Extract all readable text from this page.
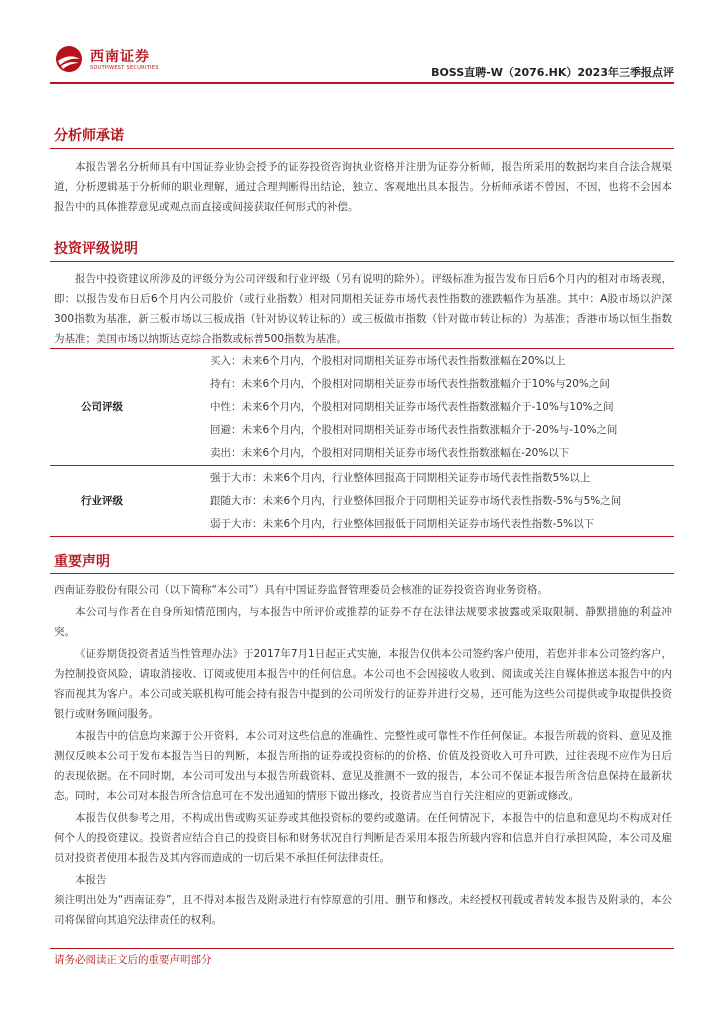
西南证券
SOUTHWEST SECURITIES	BOSS直聘-W（2076.HK）2023年三季报点评
分析师承诺

本报告署名分析师具有中国证券业协会授予的证券投资咨询执业资格并注册为证券分析师，报告所采用的数据均来自合法合规渠道，分析逻辑基于分析师的职业理解，通过合理判断得出结论，独立、客观地出具本报告。分析师承诺不曾因，不因，也将不会因本报告中的具体推荐意见或观点而直接或间接获取任何形式的补偿。

投资评级说明

报告中投资建议所涉及的评级分为公司评级和行业评级（另有说明的除外）。评级标准为报告发布日后6个月内的相对市场表现，即：以报告发布日后6个月内公司股价（或行业指数）相对同期相关证券市场代表性指数的涨跌幅作为基准。其中：A股市场以沪深300指数为基准，新三板市场以三板成指（针对协议转让标的）或三板做市指数（针对做市转让标的）为基准；香港市场以恒生指数为基准；美国市场以纳斯达克综合指数或标普500指数为基准。

公司评级	买入：未来6个月内，个股相对同期相关证券市场代表性指数涨幅在20%以上
持有：未来6个月内，个股相对同期相关证券市场代表性指数涨幅介于10%与20%之间
中性：未来6个月内，个股相对同期相关证券市场代表性指数涨幅介于-10%与10%之间
回避：未来6个月内，个股相对同期相关证券市场代表性指数涨幅介于-20%与-10%之间
卖出：未来6个月内，个股相对同期相关证券市场代表性指数涨幅在-20%以下
行业评级	强于大市：未来6个月内，行业整体回报高于同期相关证券市场代表性指数5%以上
跟随大市：未来6个月内，行业整体回报介于同期相关证券市场代表性指数-5%与5%之间
弱于大市：未来6个月内，行业整体回报低于同期相关证券市场代表性指数-5%以下
重要声明

西南证券股份有限公司（以下简称“本公司”）具有中国证券监督管理委员会核准的证券投资咨询业务资格。

本公司与作者在自身所知情范围内，与本报告中所评价或推荐的证券不存在法律法规要求披露或采取限制、静默措施的利益冲突。

《证券期货投资者适当性管理办法》于2017年7月1日起正式实施，本报告仅供本公司签约客户使用，若您并非本公司签约客户，为控制投资风险，请取消接收、订阅或使用本报告中的任何信息。本公司也不会因接收人收到、阅读或关注自媒体推送本报告中的内容而视其为客户。本公司或关联机构可能会持有报告中提到的公司所发行的证券并进行交易，还可能为这些公司提供或争取提供投资银行或财务顾问服务。

本报告中的信息均来源于公开资料，本公司对这些信息的准确性、完整性或可靠性不作任何保证。本报告所载的资料、意见及推测仅反映本公司于发布本报告当日的判断，本报告所指的证券或投资标的的价格、价值及投资收入可升可跌，过往表现不应作为日后的表现依据。在不同时期，本公司可发出与本报告所载资料、意见及推测不一致的报告，本公司不保证本报告所含信息保持在最新状态。同时，本公司对本报告所含信息可在不发出通知的情形下做出修改，投资者应当自行关注相应的更新或修改。

本报告仅供参考之用，不构成出售或购买证券或其他投资标的要约或邀请。在任何情况下，本报告中的信息和意见均不构成对任何个人的投资建议。投资者应结合自己的投资目标和财务状况自行判断是否采用本报告所载内容和信息并自行承担风险，本公司及雇员对投资者使用本报告及其内容而造成的一切后果不承担任何法律责任。

本报告

须注明出处为“西南证券”，且不得对本报告及附录进行有悖原意的引用、删节和修改。未经授权刊载或者转发本报告及附录的，本公司将保留向其追究法律责任的权利。

请务必阅读正文后的重要声明部分
